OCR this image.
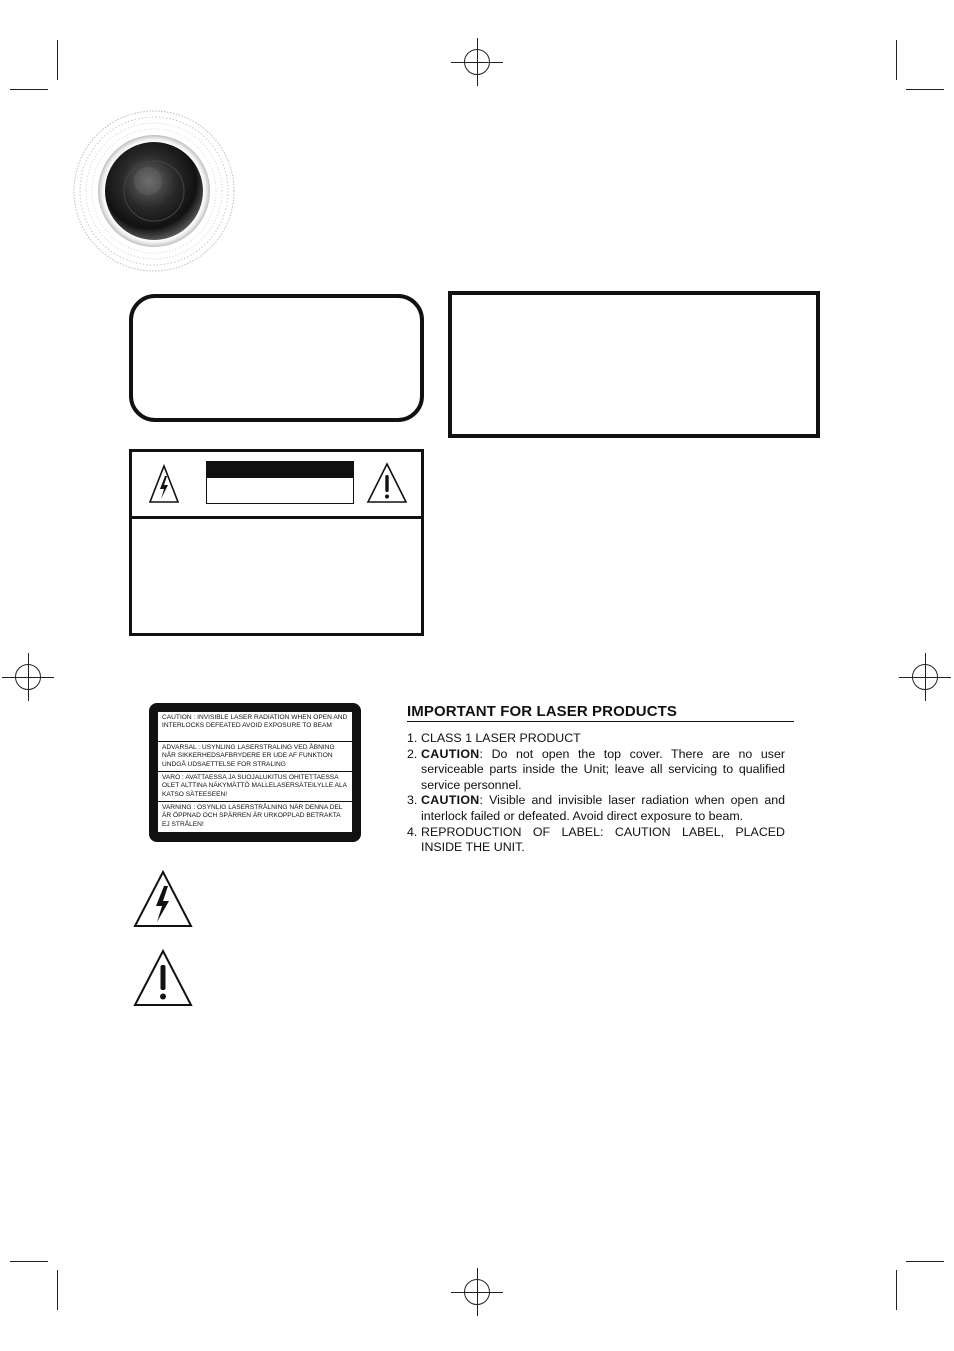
CAUTION : INVISIBLE LASER RADIATION WHEN OPEN AND INTERLOCKS DEFEATED AVOID EXPOSURE TO BEAM
ADVARSAL : USYNLING LASERSTRALING VED ÅBNING NÅR SIKKERHEDSAFBRYDERE ER UDE AF FUNKTION UNDGÅ UDSAETTELSE FOR STRALING
VARO : AVATTAESSA JA SUOJALUKITUS OHITETTAESSA OLET ALTTINA NÄKYMÄTTÖ MALLELASERSÄTEILYLLE ALA KATSO SÄTEESEEN!
VARNING : OSYNLIG LASERSTRÅLNING NÄR DENNA DEL ÄR ÖPPNAD OCH SPÄRREN ÄR URKOPPLAD BETRAKTA EJ STRÅLEN!
IMPORTANT FOR LASER PRODUCTS
1. CLASS 1 LASER PRODUCT
2. CAUTION: Do not open the top cover. There are no user serviceable parts inside the Unit; leave all servicing to qualified service personnel.
3. CAUTION: Visible and invisible laser radiation when open and interlock failed or defeated. Avoid direct exposure to beam.
4. REPRODUCTION OF LABEL: CAUTION LABEL, PLACED INSIDE THE UNIT.
